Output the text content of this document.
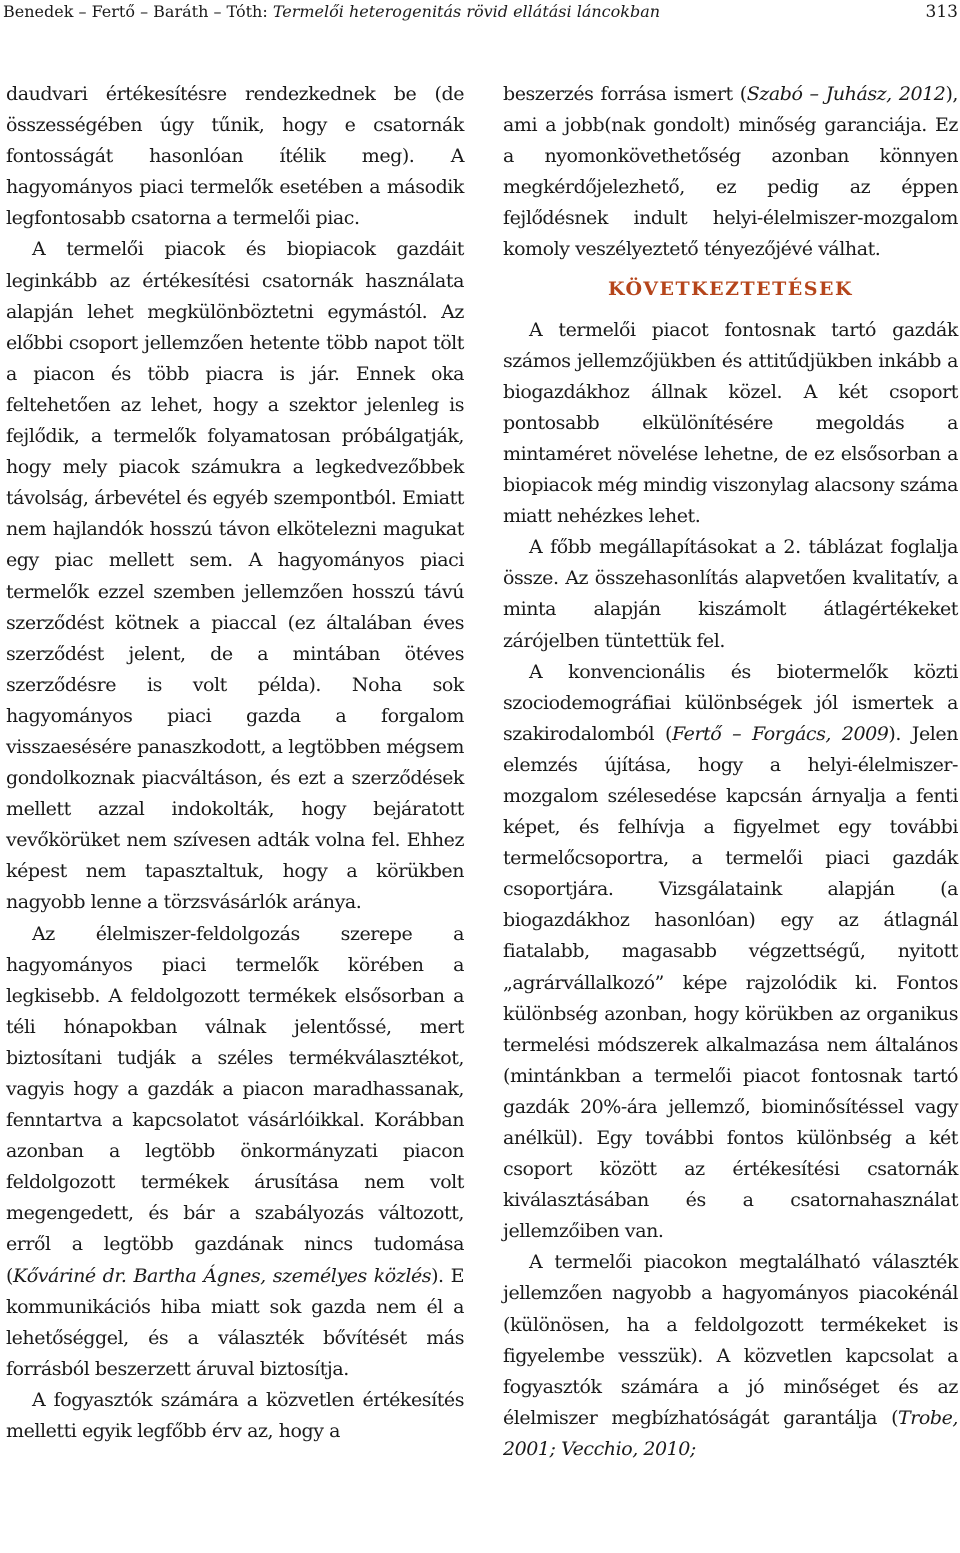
Benedek – Fertő – Baráth – Tóth: Termelői heterogenitás rövid ellátási láncokban	313

daudvari értékesítésre rendezkednek be (de összességében úgy tűnik, hogy e csatornák fontosságát hasonlóan ítélik meg). A hagyományos piaci termelők esetében a második legfontosabb csatorna a termelői piac.

A termelői piacok és biopiacok gazdáit leginkább az értékesítési csatornák használata alapján lehet megkülönböztetni egymástól. Az előbbi csoport jellemzően hetente több napot tölt a piacon és több piacra is jár. Ennek oka feltehetően az lehet, hogy a szektor jelenleg is fejlődik, a termelők folyamatosan próbálgatják, hogy mely piacok számukra a legkedvezőbbek távolság, árbevétel és egyéb szempontból. Emiatt nem hajlandók hosszú távon elkötelezni magukat egy piac mellett sem. A hagyományos piaci termelők ezzel szemben jellemzően hosszú távú szerződést kötnek a piaccal (ez általában éves szerződést jelent, de a mintában ötéves szerződésre is volt példa). Noha sok hagyományos piaci gazda a forgalom visszaesésére panaszkodott, a legtöbben mégsem gondolkoznak piacváltáson, és ezt a szerződések mellett azzal indokolták, hogy bejáratott vevőkörüket nem szívesen adták volna fel. Ehhez képest nem tapasztaltuk, hogy a körükben nagyobb lenne a törzsvásárlók aránya.

Az élelmiszer-feldolgozás szerepe a hagyományos piaci termelők körében a legkisebb. A feldolgozott termékek elsősorban a téli hónapokban válnak jelentőssé, mert biztosítani tudják a széles termékválasztékot, vagyis hogy a gazdák a piacon maradhassanak, fenntartva a kapcsolatot vásárlóikkal. Korábban azonban a legtöbb önkormányzati piacon feldolgozott termékek árusítása nem volt megengedett, és bár a szabályozás változott, erről a legtöbb gazdának nincs tudomása (Kőváriné dr. Bartha Ágnes, személyes közlés). E kommunikációs hiba miatt sok gazda nem él a lehetőséggel, és a választék bővítését más forrásból beszerzett áruval biztosítja.

A fogyasztók számára a közvetlen értékesítés melletti egyik legfőbb érv az, hogy a

beszerzés forrása ismert (Szabó – Juhász, 2012), ami a jobb(nak gondolt) minőség garanciája. Ez a nyomonkövethetőség azonban könnyen megkérdőjelezhető, ez pedig az éppen fejlődésnek indult helyi-élelmiszer-mozgalom komoly veszélyeztető tényezőjévé válhat.

KÖVETKEZTETÉSEK

A termelői piacot fontosnak tartó gazdák számos jellemzőjükben és attitűdjükben inkább a biogazdákhoz állnak közel. A két csoport pontosabb elkülönítésére megoldás a mintaméret növelése lehetne, de ez elsősorban a biopiacok még mindig viszonylag alacsony száma miatt nehézkes lehet.

A főbb megállapításokat a 2. táblázat foglalja össze. Az összehasonlítás alapvetően kvalitatív, a minta alapján kiszámolt átlagértékeket zárójelben tüntettük fel.

A konvencionális és biotermelők közti szociodemográfiai különbségek jól ismertek a szakirodalomból (Fertő – Forgács, 2009). Jelen elemzés újítása, hogy a helyi-élelmiszer-mozgalom szélesedése kapcsán árnyalja a fenti képet, és felhívja a figyelmet egy további termelőcsoportra, a termelői piaci gazdák csoportjára. Vizsgálataink alapján (a biogazdákhoz hasonlóan) egy az átlagnál fiatalabb, magasabb végzettségű, nyitott „agrárvállalkozó” képe rajzolódik ki. Fontos különbség azonban, hogy körükben az organikus termelési módszerek alkalmazása nem általános (mintánkban a termelői piacot fontosnak tartó gazdák 20%-ára jellemző, biominősítéssel vagy anélkül). Egy további fontos különbség a két csoport között az értékesítési csatornák kiválasztásában és a csatornahasználat jellemzőiben van.

A termelői piacokon megtalálható választék jellemzően nagyobb a hagyományos piacokénál (különösen, ha a feldolgozott termékeket is figyelembe vesszük). A közvetlen kapcsolat a fogyasztók számára a jó minőséget és az élelmiszer megbízhatóságát garantálja (Trobe, 2001; Vecchio, 2010;
